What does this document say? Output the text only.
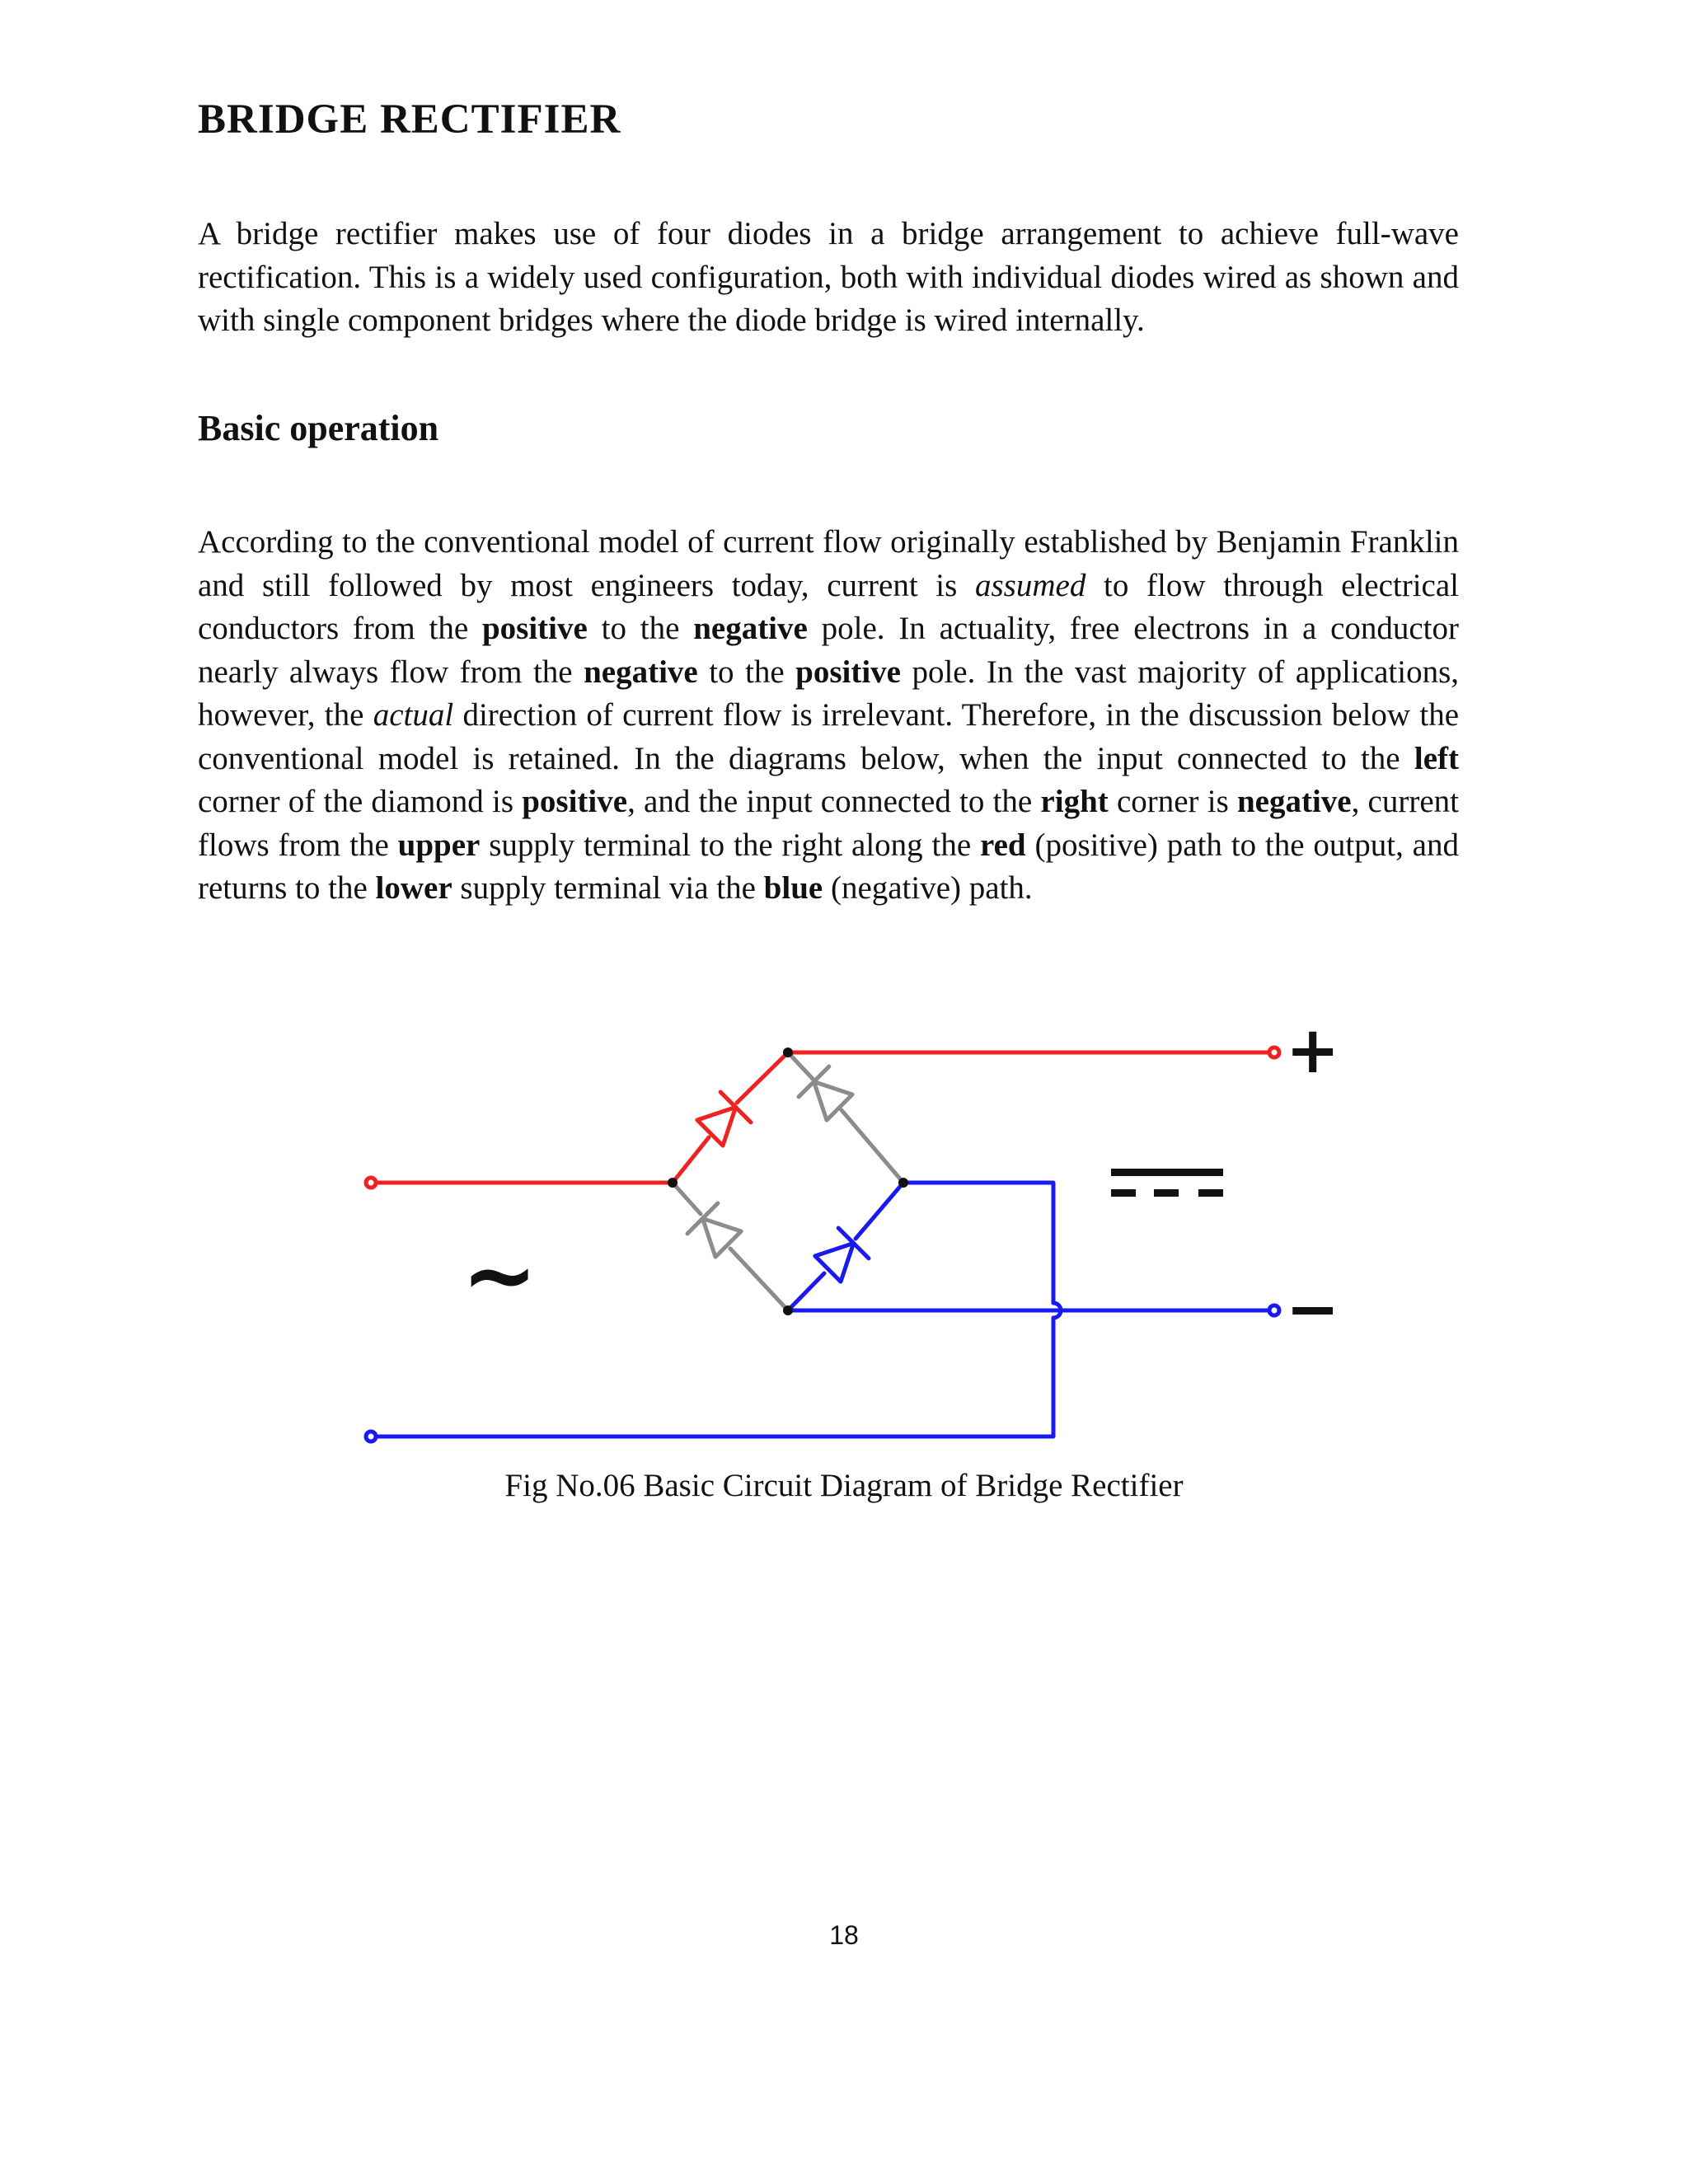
BRIDGE RECTIFIER

A bridge rectifier makes use of four diodes in a bridge arrangement to achieve full-wave rectification. This is a widely used configuration, both with individual diodes wired as shown and with single component bridges where the diode bridge is wired internally.

Basic operation

According to the conventional model of current flow originally established by Benjamin Franklin and still followed by most engineers today, current is assumed to flow through electrical conductors from the positive to the negative pole. In actuality, free electrons in a conductor nearly always flow from the negative to the positive pole. In the vast majority of applications, however, the actual direction of current flow is irrelevant. Therefore, in the discussion below the conventional model is retained. In the diagrams below, when the input connected to the left corner of the diamond is positive, and the input connected to the right corner is negative, current flows from the upper supply terminal to the right along the red (positive) path to the output, and returns to the lower supply terminal via the blue (negative) path.

~
+
−

Fig No.06 Basic Circuit Diagram of Bridge Rectifier

18
